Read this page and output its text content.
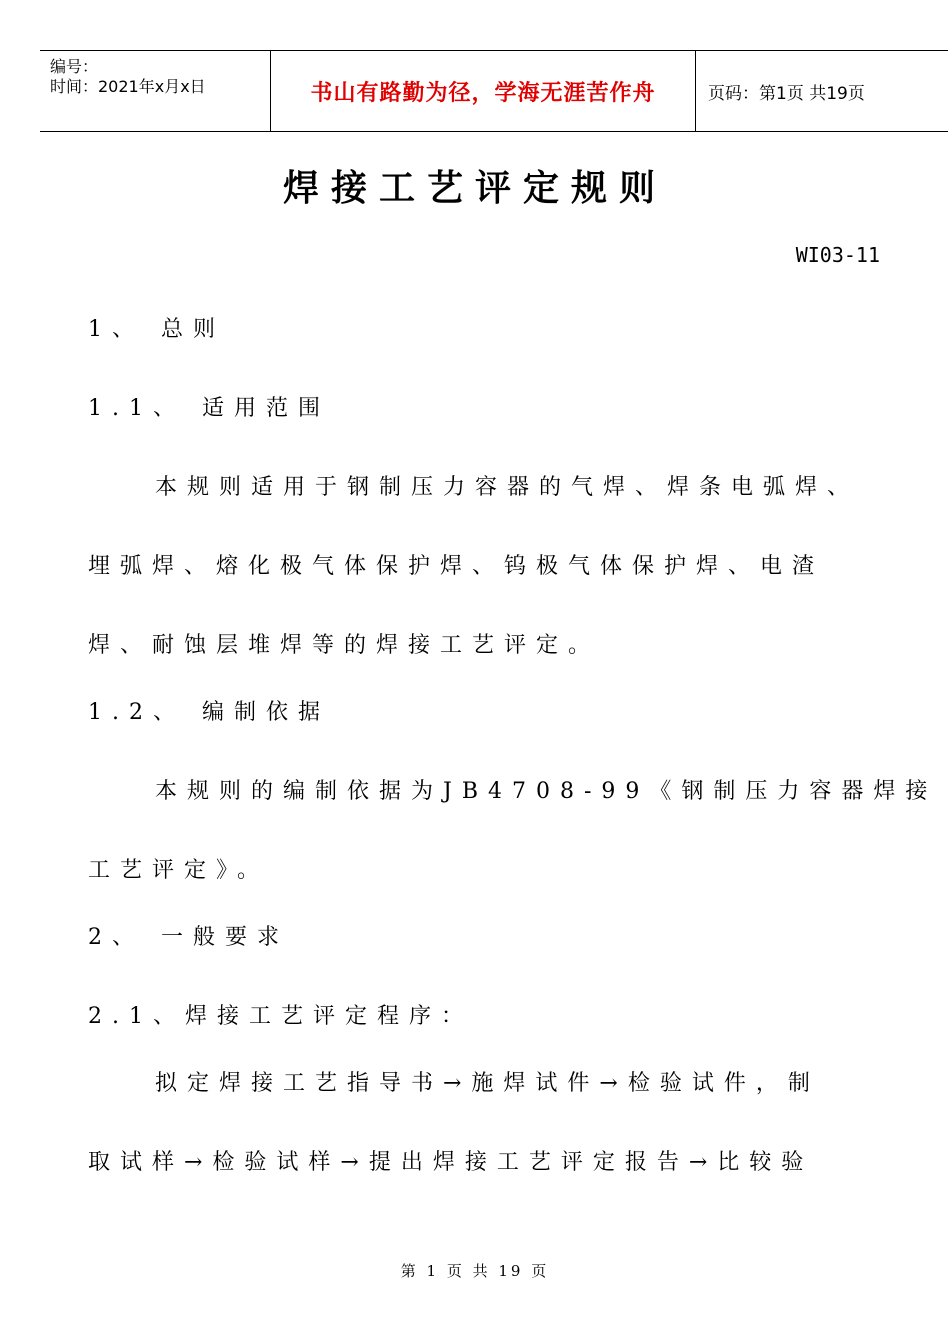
编号：
时间：2021年x月x日	书山有路勤为径，学海无涯苦作舟	页码：第1页 共19页
焊接工艺评定规则
WI03-11
1、 总则
1.1、 适用范围
本规则适用于钢制压力容器的气焊、焊条电弧焊、
埋弧焊、熔化极气体保护焊、钨极气体保护焊、电渣
焊、耐蚀层堆焊等的焊接工艺评定。
1.2、 编制依据
本规则的编制依据为JB4708-99《钢制压力容器焊接
工艺评定》。
2、 一般要求
2.1、焊接工艺评定程序：
拟定焊接工艺指导书→施焊试件→检验试件，制
取试样→检验试样→提出焊接工艺评定报告→比较验
第 1 页 共 19 页
